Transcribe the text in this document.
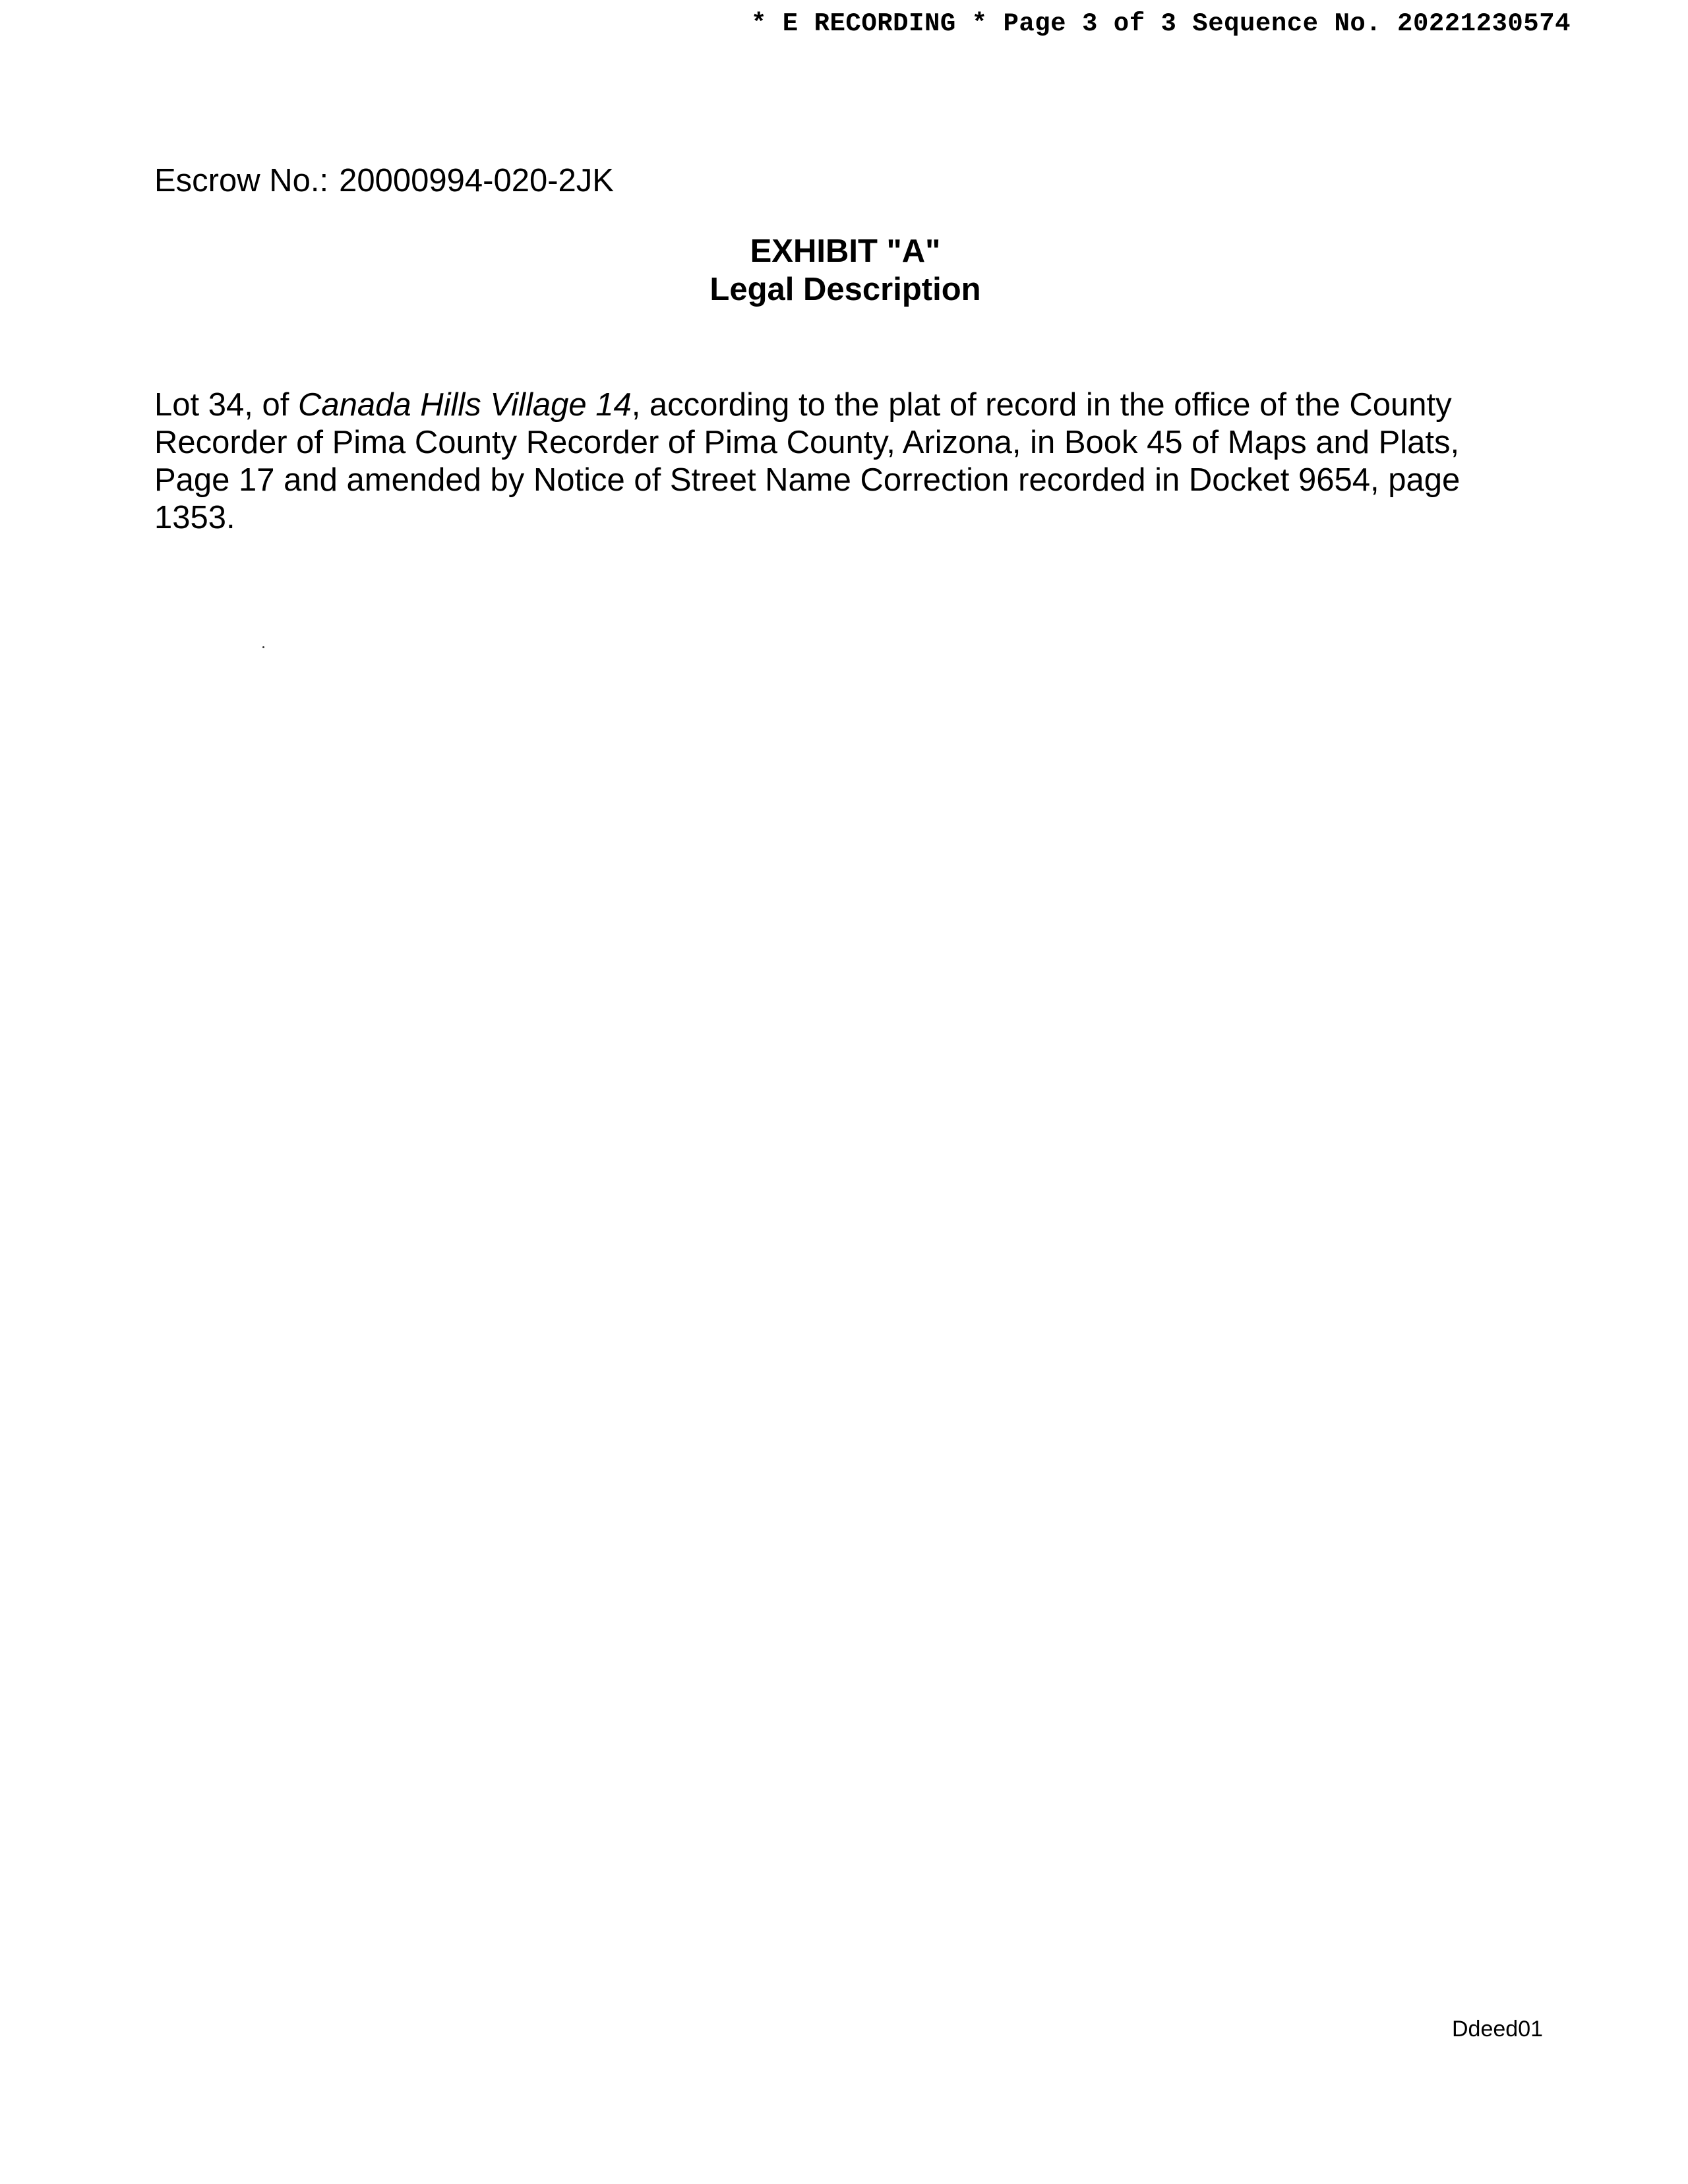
* E RECORDING * Page 3 of 3 Sequence No. 20221230574
Escrow No.: 20000994-020-2JK
EXHIBIT "A"
Legal Description
Lot 34, of Canada Hills Village 14, according to the plat of record in the office of the County
Recorder of Pima County Recorder of Pima County, Arizona, in Book 45 of Maps and Plats,
Page 17 and amended by Notice of Street Name Correction recorded in Docket 9654, page
1353.
Ddeed01
